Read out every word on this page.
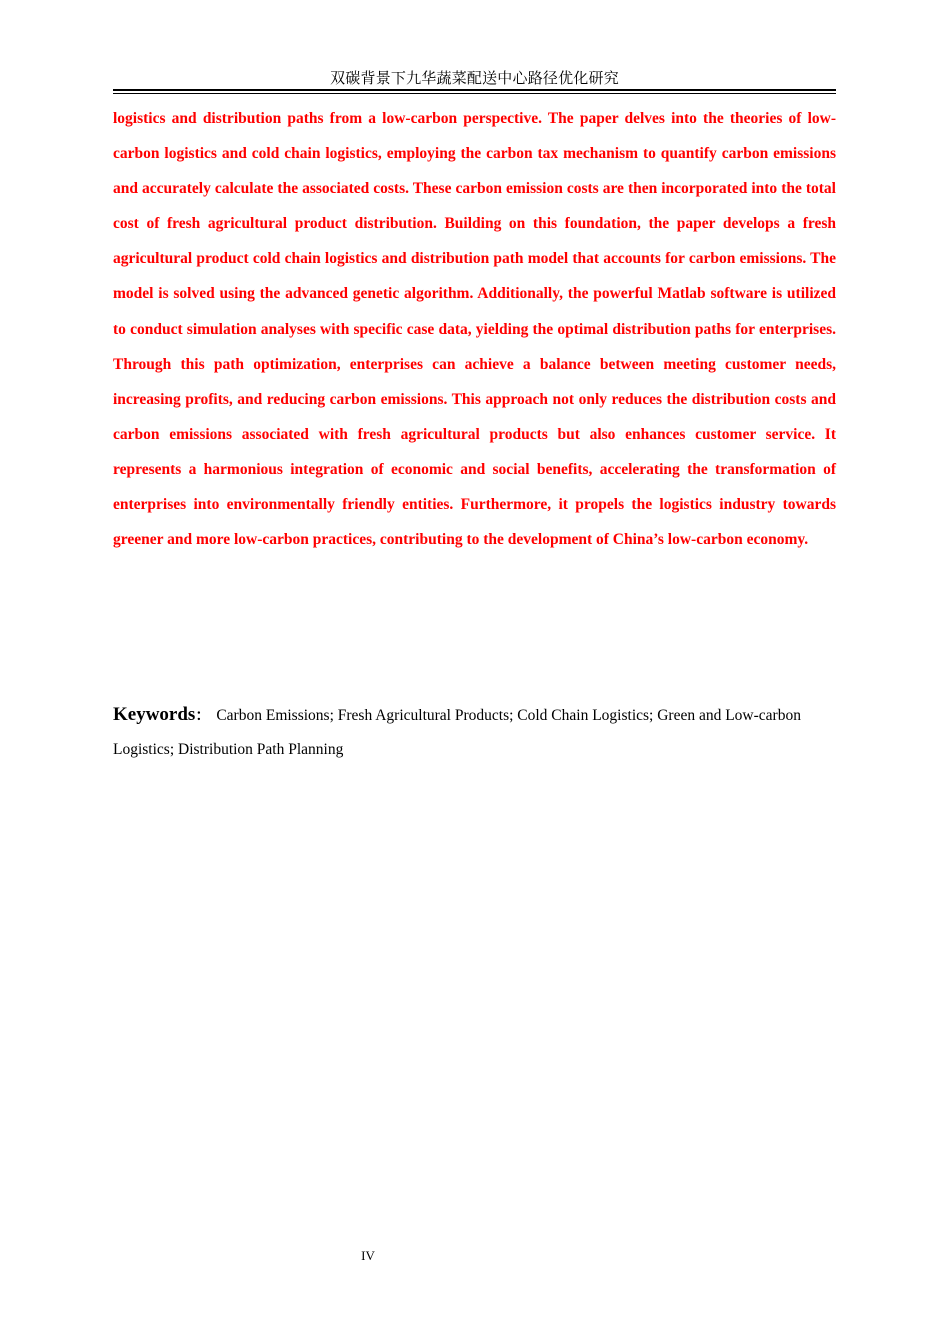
双碳背景下九华蔬菜配送中心路径优化研究

logistics and distribution paths from a low-carbon perspective. The paper delves into the theories of low-carbon logistics and cold chain logistics, employing the carbon tax mechanism to quantify carbon emissions and accurately calculate the associated costs. These carbon emission costs are then incorporated into the total cost of fresh agricultural product distribution. Building on this foundation, the paper develops a fresh agricultural product cold chain logistics and distribution path model that accounts for carbon emissions. The model is solved using the advanced genetic algorithm. Additionally, the powerful Matlab software is utilized to conduct simulation analyses with specific case data, yielding the optimal distribution paths for enterprises. Through this path optimization, enterprises can achieve a balance between meeting customer needs, increasing profits, and reducing carbon emissions. This approach not only reduces the distribution costs and carbon emissions associated with fresh agricultural products but also enhances customer service. It represents a harmonious integration of economic and social benefits, accelerating the transformation of enterprises into environmentally friendly entities. Furthermore, it propels the logistics industry towards greener and more low-carbon practices, contributing to the development of China’s low-carbon economy.

Keywords： Carbon Emissions; Fresh Agricultural Products; Cold Chain Logistics; Green and Low-carbon Logistics; Distribution Path Planning

IV
